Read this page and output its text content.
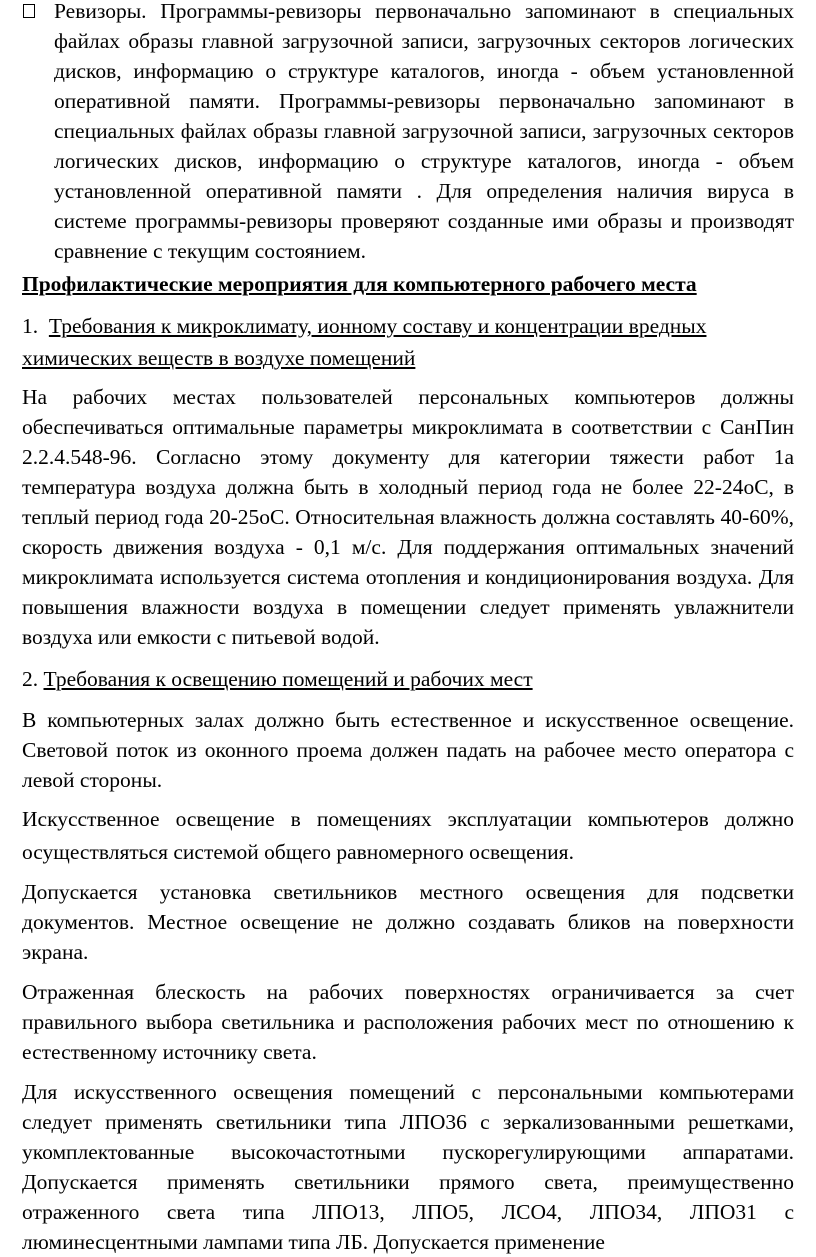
Ревизоры. Программы-ревизоры первоначально запоминают в специальных файлах образы главной загрузочной записи, загрузочных секторов логических дисков, информацию о структуре каталогов, иногда - объем установленной оперативной памяти. Программы-ревизоры первоначально запоминают в специальных файлах образы главной загрузочной записи, загрузочных секторов логических дисков, информацию о структуре каталогов, иногда - объем установленной оперативной памяти . Для определения наличия вируса в системе программы-ревизоры проверяют созданные ими образы и производят сравнение с текущим состоянием.

Профилактические мероприятия для компьютерного рабочего места

1. Требования к микроклимату, ионному составу и концентрации вредных химических веществ в воздухе помещений

На рабочих местах пользователей персональных компьютеров должны обеспечиваться оптимальные параметры микроклимата в соответствии с СанПин 2.2.4.548-96. Согласно этому документу для категории тяжести работ 1а температура воздуха должна быть в холодный период года не более 22-24оС, в теплый период года 20-25оС. Относительная влажность должна составлять 40-60%, скорость движения воздуха - 0,1 м/с. Для поддержания оптимальных значений микроклимата используется система отопления и кондиционирования воздуха. Для повышения влажности воздуха в помещении следует применять увлажнители воздуха или емкости с питьевой водой.

2. Требования к освещению помещений и рабочих мест

В компьютерных залах должно быть естественное и искусственное освещение. Световой поток из оконного проема должен падать на рабочее место оператора с левой стороны.

Искусственное освещение в помещениях эксплуатации компьютеров должно осуществляться системой общего равномерного освещения.

Допускается установка светильников местного освещения для подсветки документов. Местное освещение не должно создавать бликов на поверхности экрана.

Отраженная блескость на рабочих поверхностях ограничивается за счет правильного выбора светильника и расположения рабочих мест по отношению к естественному источнику света.

Для искусственного освещения помещений с персональными компьютерами следует применять светильники типа ЛПО36 с зеркализованными решетками, укомплектованные высокочастотными пускорегулирующими аппаратами. Допускается применять светильники прямого света, преимущественно отраженного света типа ЛПО13, ЛПО5, ЛСО4, ЛПО34, ЛПО31 с люминесцентными лампами типа ЛБ. Допускается применение
